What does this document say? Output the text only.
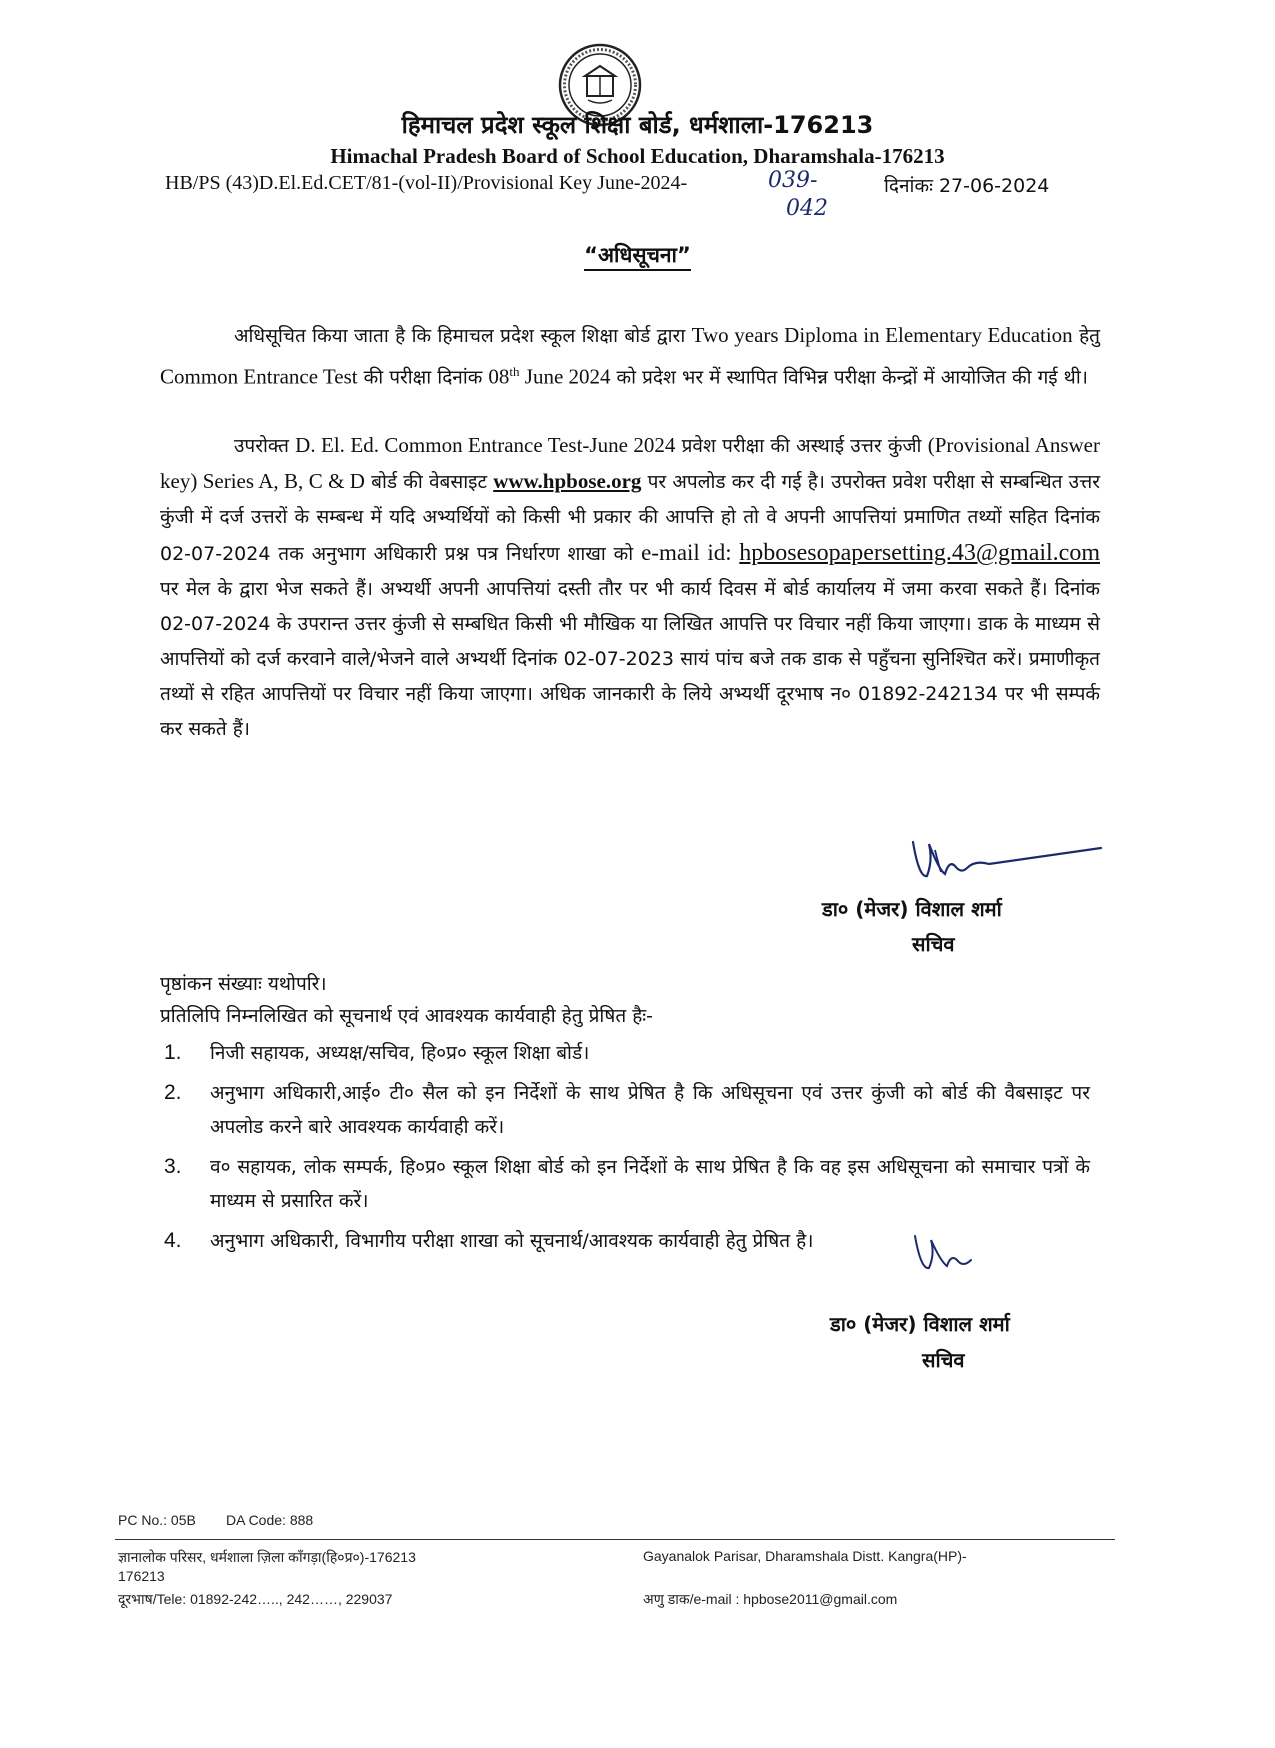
हिमाचल प्रदेश स्कूल शिक्षा बोर्ड, धर्मशाला-176213
Himachal Pradesh Board of School Education, Dharamshala-176213
HB/PS (43)D.El.Ed.CET/81-(vol-II)/Provisional Key June-2024-	039-
042
दिनांकः 27-06-2024
“अधिसूचना”

अधिसूचित किया जाता है कि हिमाचल प्रदेश स्कूल शिक्षा बोर्ड द्वारा Two years Diploma in Elementary Education हेतु Common Entrance Test की परीक्षा दिनांक 08th June 2024 को प्रदेश भर में स्थापित विभिन्न परीक्षा केन्द्रों में आयोजित की गई थी।

उपरोक्त D. El. Ed. Common Entrance Test-June 2024 प्रवेश परीक्षा की अस्थाई उत्तर कुंजी (Provisional Answer key) Series A, B, C & D बोर्ड की वेबसाइट www.hpbose.org पर अपलोड कर दी गई है। उपरोक्त प्रवेश परीक्षा से सम्बन्धित उत्तर कुंजी में दर्ज उत्तरों के सम्बन्ध में यदि अभ्यर्थियों को किसी भी प्रकार की आपत्ति हो तो वे अपनी आपत्तियां प्रमाणित तथ्यों सहित दिनांक 02-07-2024 तक अनुभाग अधिकारी प्रश्न पत्र निर्धारण शाखा को e-mail id: hpbosesopapersetting.43@gmail.com पर मेल के द्वारा भेज सकते हैं। अभ्यर्थी अपनी आपत्तियां दस्ती तौर पर भी कार्य दिवस में बोर्ड कार्यालय में जमा करवा सकते हैं। दिनांक 02-07-2024 के उपरान्त उत्तर कुंजी से सम्बधित किसी भी मौखिक या लिखित आपत्ति पर विचार नहीं किया जाएगा। डाक के माध्यम से आपत्तियों को दर्ज करवाने वाले/भेजने वाले अभ्यर्थी दिनांक 02-07-2023 सायं पांच बजे तक डाक से पहुँचना सुनिश्चित करें। प्रमाणीकृत तथ्यों से रहित आपत्तियों पर विचार नहीं किया जाएगा। अधिक जानकारी के लिये अभ्यर्थी दूरभाष न० 01892-242134 पर भी सम्पर्क कर सकते हैं।

डा० (मेजर) विशाल शर्मा
सचिव
पृष्ठांकन संख्याः यथोपरि।
प्रतिलिपि निम्नलिखित को सूचनार्थ एवं आवश्यक कार्यवाही हेतु प्रेषित हैः-
1. निजी सहायक, अध्यक्ष/सचिव, हि०प्र० स्कूल शिक्षा बोर्ड।
2. अनुभाग अधिकारी,आई० टी० सैल को इन निर्देशों के साथ प्रेषित है कि अधिसूचना एवं उत्तर कुंजी को बोर्ड की वैबसाइट पर अपलोड करने बारे आवश्यक कार्यवाही करें।
3. व० सहायक, लोक सम्पर्क, हि०प्र० स्कूल शिक्षा बोर्ड को इन निर्देशों के साथ प्रेषित है कि वह इस अधिसूचना को समाचार पत्रों के माध्यम से प्रसारित करें।
4. अनुभाग अधिकारी, विभागीय परीक्षा शाखा को सूचनार्थ/आवश्यक कार्यवाही हेतु प्रेषित है।
डा० (मेजर) विशाल शर्मा
सचिव
PC No.: 05B DA Code: 888
ज्ञानालोक परिसर, धर्मशाला ज़िला काँगड़ा(हि०प्र०)-176213
176213
दूरभाष/Tele: 01892-242….., 242……, 229037
Gayanalok Parisar, Dharamshala Distt. Kangra(HP)-
अणु डाक/e-mail : hpbose2011@gmail.com
